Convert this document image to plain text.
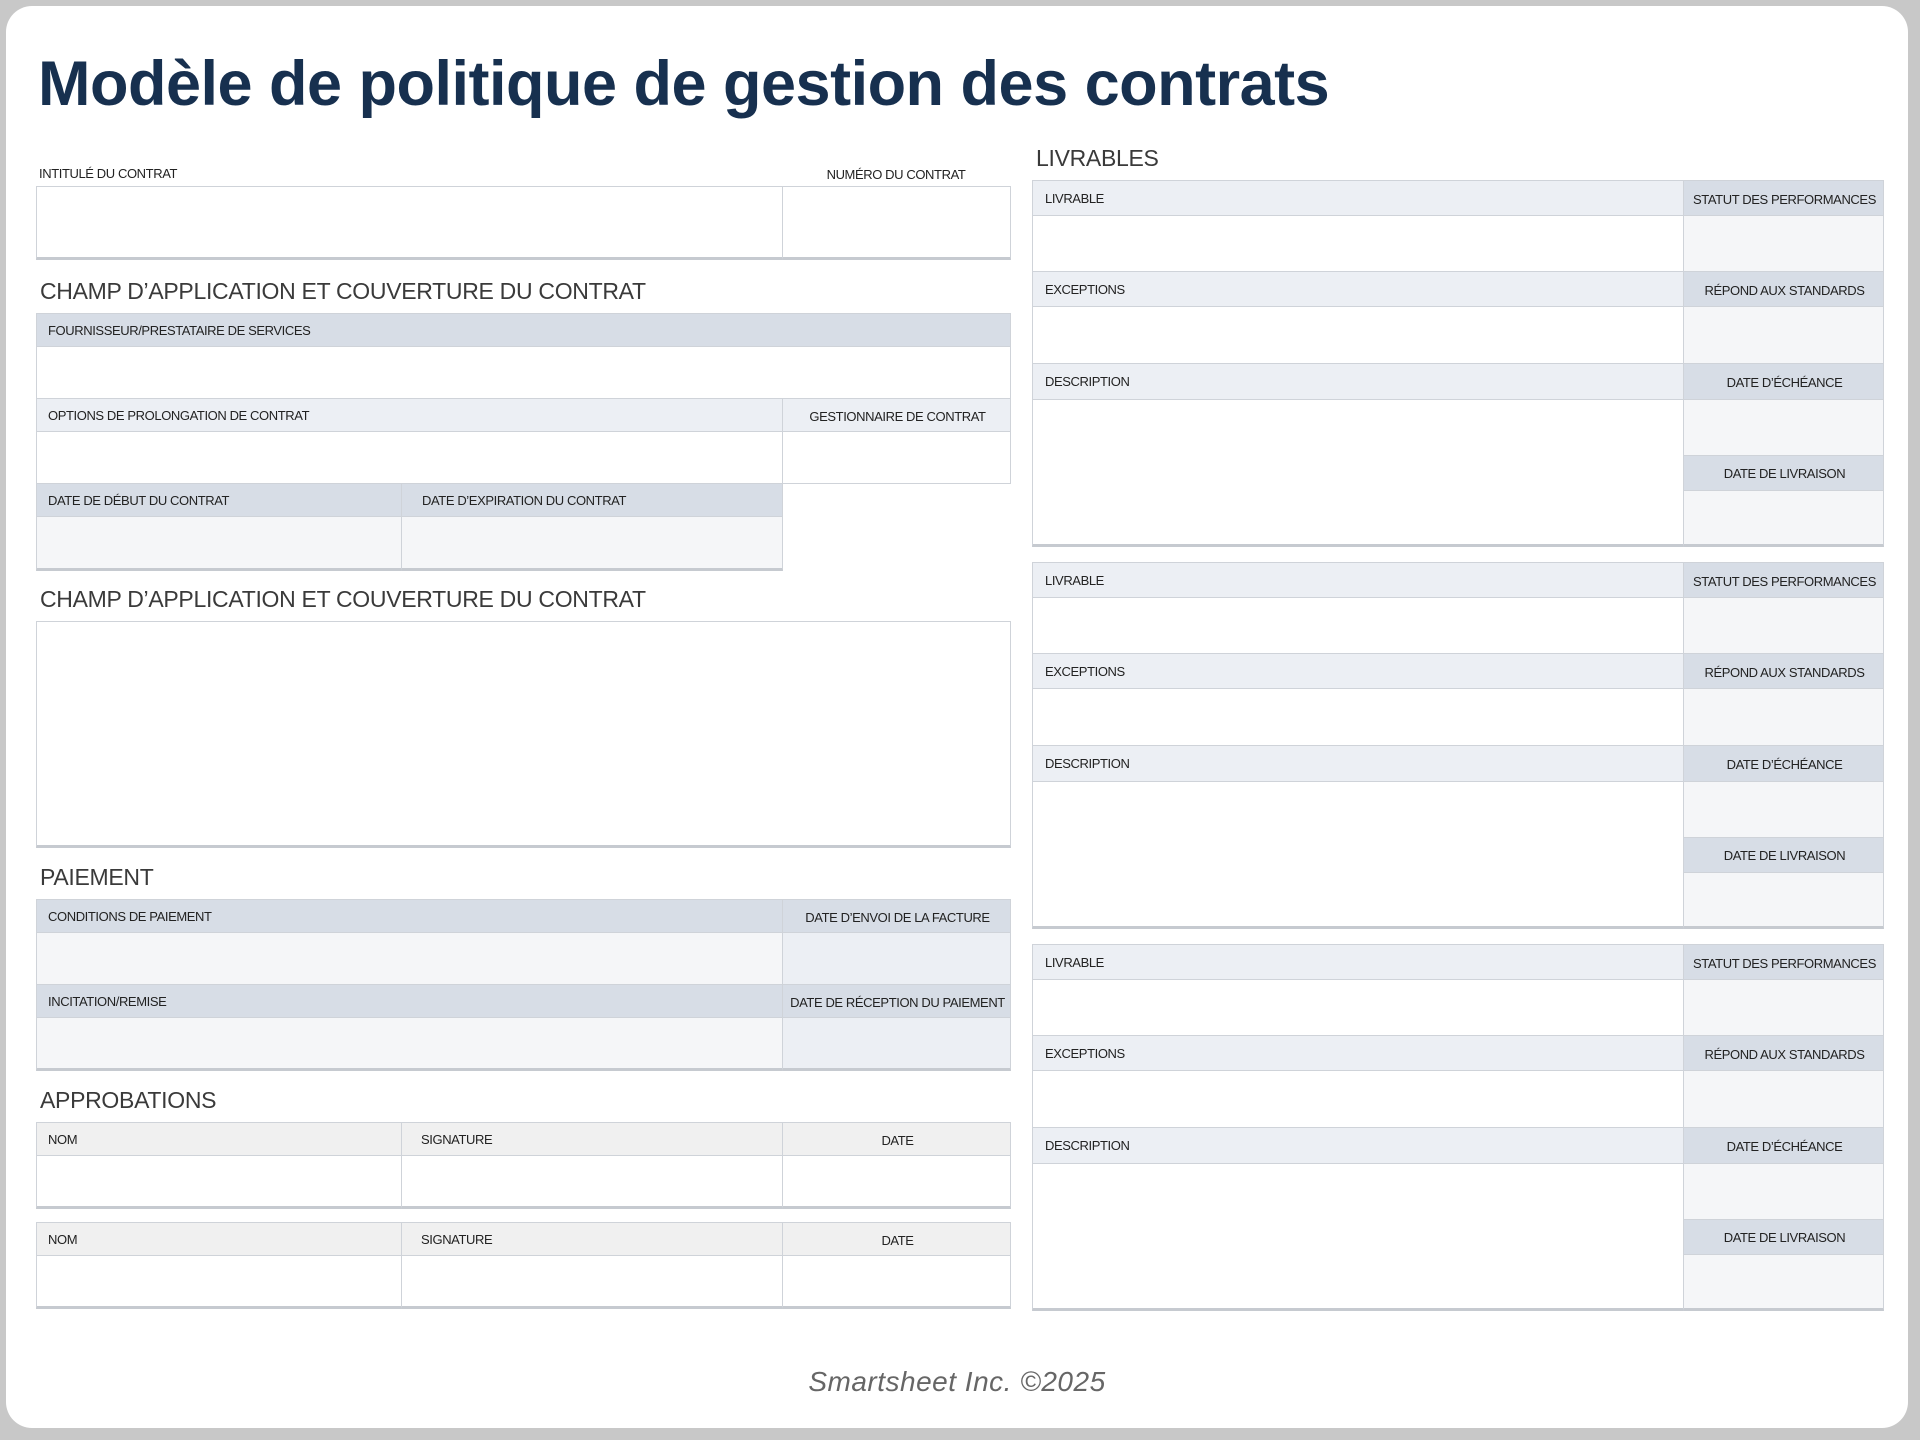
Modèle de politique de gestion des contrats
INTITULÉ DU CONTRAT	NUMÉRO DU CONTRAT
CHAMP D’APPLICATION ET COUVERTURE DU CONTRAT
FOURNISSEUR/PRESTATAIRE DE SERVICES
OPTIONS DE PROLONGATION DE CONTRAT	GESTIONNAIRE DE CONTRAT
DATE DE DÉBUT DU CONTRAT	DATE D’EXPIRATION DU CONTRAT
CHAMP D’APPLICATION ET COUVERTURE DU CONTRAT
PAIEMENT
CONDITIONS DE PAIEMENT	DATE D’ENVOI DE LA FACTURE
INCITATION/REMISE	DATE DE RÉCEPTION DU PAIEMENT
APPROBATIONS
NOM	SIGNATURE	DATE
NOM	SIGNATURE	DATE
LIVRABLES
LIVRABLE	STATUT DES PERFORMANCES
EXCEPTIONS	RÉPOND AUX STANDARDS
DESCRIPTION	DATE D’ÉCHÉANCE
DATE DE LIVRAISON
LIVRABLE	STATUT DES PERFORMANCES
EXCEPTIONS	RÉPOND AUX STANDARDS
DESCRIPTION	DATE D’ÉCHÉANCE
DATE DE LIVRAISON
LIVRABLE	STATUT DES PERFORMANCES
EXCEPTIONS	RÉPOND AUX STANDARDS
DESCRIPTION	DATE D’ÉCHÉANCE
DATE DE LIVRAISON
Smartsheet Inc. ©2025
